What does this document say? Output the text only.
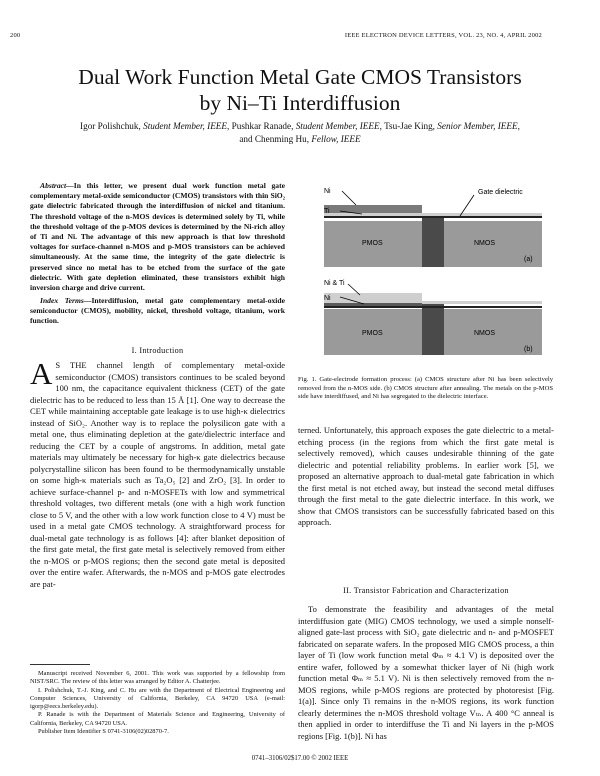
200	IEEE ELECTRON DEVICE LETTERS, VOL. 23, NO. 4, APRIL 2002
Dual Work Function Metal Gate CMOS Transistors
by Ni–Ti Interdiffusion
Igor Polishchuk, Student Member, IEEE, Pushkar Ranade, Student Member, IEEE, Tsu-Jae King, Senior Member, IEEE,
and Chenming Hu, Fellow, IEEE

Abstract—In this letter, we present dual work function metal gate complementary metal-oxide semiconductor (CMOS) transistors with thin SiO₂ gate dielectric fabricated through the interdiffusion of nickel and titanium. The threshold voltage of the n-MOS devices is determined solely by Ti, while the threshold voltage of the p-MOS devices is determined by the Ni-rich alloy of Ti and Ni. The advantage of this new approach is that low threshold voltages for surface-channel n-MOS and p-MOS transistors can be achieved simultaneously. At the same time, the integrity of the gate dielectric is preserved since no metal has to be etched from the surface of the gate dielectric. With gate depletion eliminated, these transistors exhibit high inversion charge and drive current.

Index Terms—Interdiffusion, metal gate complementary metal-oxide semiconductor (CMOS), mobility, nickel, threshold voltage, titanium, work function.

I. Introduction

A S THE channel length of complementary metal-oxide semiconductor (CMOS) transistors continues to be scaled beyond 100 nm, the capacitance equivalent thickness (CET) of the gate dielectric has to be reduced to less than 15 Å [1]. One way to decrease the CET while maintaining acceptable gate leakage is to use high-κ dielectrics instead of SiO₂. Another way is to replace the polysilicon gate with a metal one, thus eliminating depletion at the gate/dielectric interface and reducing the CET by a couple of angstroms. In addition, metal gate materials may ultimately be necessary for high-κ gate dielectrics because polycrystalline silicon has been found to be thermodynamically unstable on some high-κ materials such as Ta₂O₅ [2] and ZrO₂ [3]. In order to achieve surface-channel p- and n-MOSFETs with low and symmetrical threshold voltages, two different metals (one with a high work function close to 5 V, and the other with a low work function close to 4 V) must be used in a metal gate CMOS technology. A straightforward process for dual-metal gate technology is as follows [4]: after blanket deposition of the first gate metal, the first gate metal is selectively removed from either the n-MOS or p-MOS regions; then the second gate metal is deposited over the entire wafer. Afterwards, the n-MOS and p-MOS gate electrodes are pat-

Manuscript received November 6, 2001. This work was supported by a fellowship from NIST/SRC. The review of this letter was arranged by Editor A. Chatterjee.

I. Polishchuk, T.-J. King, and C. Hu are with the Department of Electrical Engineering and Computer Sciences, University of California, Berkeley, CA 94720 USA (e-mail: igorp@eecs.berkeley.edu).

P. Ranade is with the Department of Materials Science and Engineering, University of California, Berkeley, CA 94720 USA.

Publisher Item Identifier S 0741-3106(02)02870-7.

Ni
Ti
Gate dielectric
PMOS	NMOS
(a)
Ni & Ti
Ni
PMOS	NMOS
(b)
Fig. 1. Gate-electrode formation process: (a) CMOS structure after Ni has been selectively removed from the n-MOS side. (b) CMOS structure after annealing. The metals on the p-MOS side have interdiffused, and Ni has segregated to the dielectric interface.

terned. Unfortunately, this approach exposes the gate dielectric to a metal-etching process (in the regions from which the first gate metal is selectively removed), which causes undesirable thinning of the gate dielectric and potential reliability problems. In earlier work [5], we proposed an alternative approach to dual-metal gate fabrication in which the first metal is not etched away, but instead the second metal diffuses through the first metal to the gate dielectric interface. In this work, we show that CMOS transistors can be successfully fabricated based on this approach.

II. Transistor Fabrication and Characterization

To demonstrate the feasibility and advantages of the metal interdiffusion gate (MIG) CMOS technology, we used a simple nonself-aligned gate-last process with SiO₂ gate dielectric and n- and p-MOSFET fabricated on separate wafers. In the proposed MIG CMOS process, a thin layer of Ti (low work function metal Φₘ ≈ 4.1 V) is deposited over the entire wafer, followed by a somewhat thicker layer of Ni (high work function metal Φₘ ≈ 5.1 V). Ni is then selectively removed from the n-MOS regions, while p-MOS regions are protected by photoresist [Fig. 1(a)]. Since only Ti remains in the n-MOS regions, its work function clearly determines the n-MOS threshold voltage Vₜₙ. A 400 °C anneal is then applied in order to interdiffuse the Ti and Ni layers in the p-MOS regions [Fig. 1(b)]. Ni has

0741–3106/02$17.00 © 2002 IEEE
